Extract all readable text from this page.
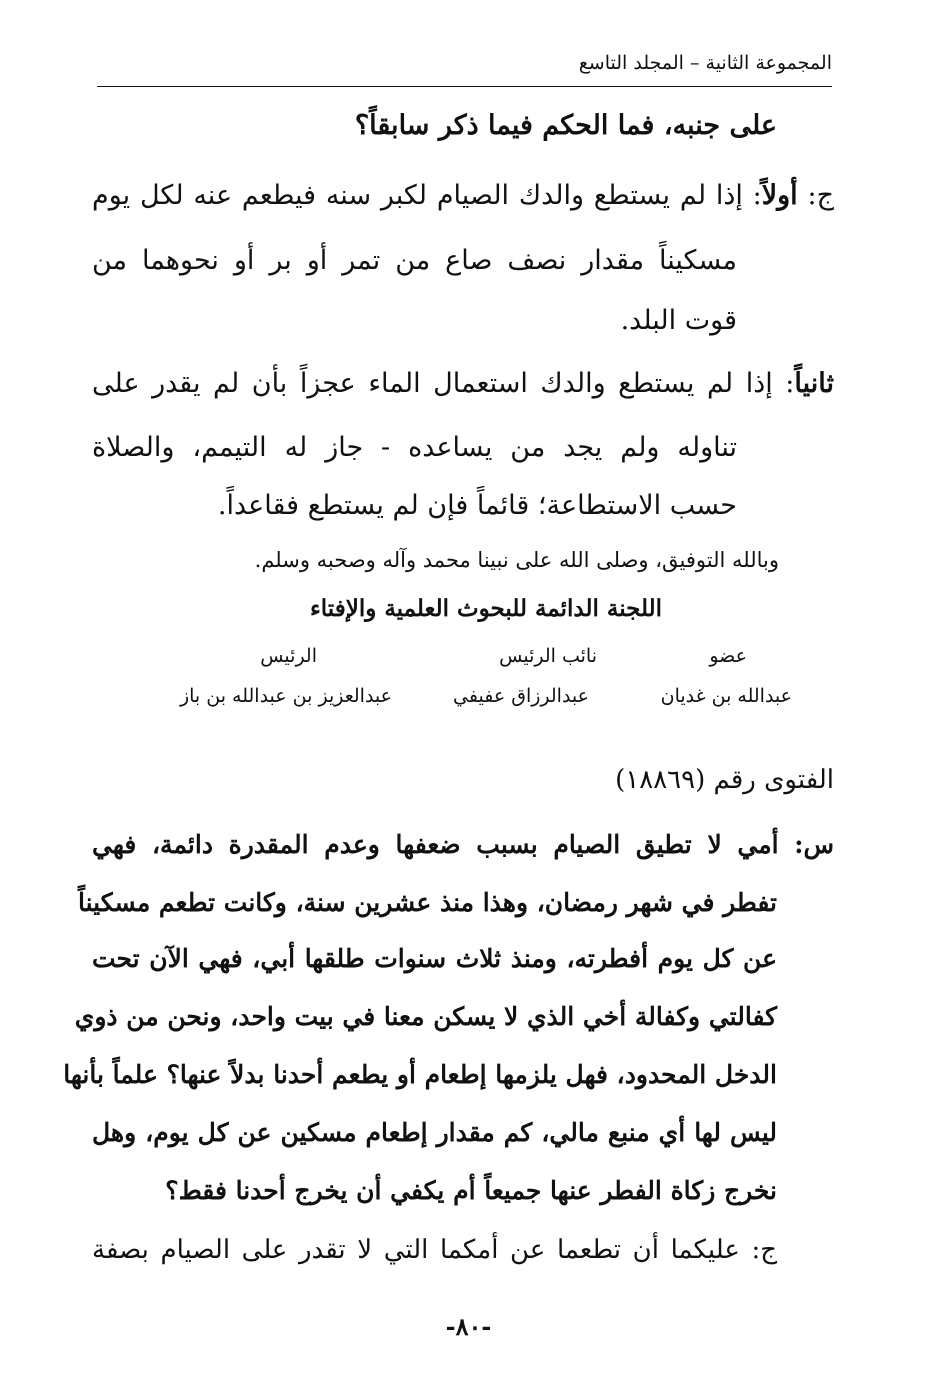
المجموعة الثانية – المجلد التاسع
على جنبه، فما الحكم فيما ذكر سابقاً؟
ج: أولاً: إذا لم يستطع والدك الصيام لكبر سنه فيطعم عنه لكل يوم
مسكيناً مقدار نصف صاع من تمر أو بر أو نحوهما من
قوت البلد.
ثانياً: إذا لم يستطع والدك استعمال الماء عجزاً بأن لم يقدر على
تناوله ولم يجد من يساعده - جاز له التيمم، والصلاة
حسب الاستطاعة؛ قائماً فإن لم يستطع فقاعداً.
وبالله التوفيق، وصلى الله على نبينا محمد وآله وصحبه وسلم.
اللجنة الدائمة للبحوث العلمية والإفتاء
عضو
نائب الرئيس
الرئيس
عبدالله بن غديان
عبدالرزاق عفيفي
عبدالعزيز بن عبدالله بن باز
الفتوى رقم (١٨٨٦٩)
س: أمي لا تطيق الصيام بسبب ضعفها وعدم المقدرة دائمة، فهي
تفطر في شهر رمضان، وهذا منذ عشرين سنة، وكانت تطعم مسكيناً
عن كل يوم أفطرته، ومنذ ثلاث سنوات طلقها أبي، فهي الآن تحت
كفالتي وكفالة أخي الذي لا يسكن معنا في بيت واحد، ونحن من ذوي
الدخل المحدود، فهل يلزمها إطعام أو يطعم أحدنا بدلاً عنها؟ علماً بأنها
ليس لها أي منبع مالي، كم مقدار إطعام مسكين عن كل يوم، وهل
نخرج زكاة الفطر عنها جميعاً أم يكفي أن يخرج أحدنا فقط؟
ج: عليكما أن تطعما عن أمكما التي لا تقدر على الصيام بصفة
-٨٠-
